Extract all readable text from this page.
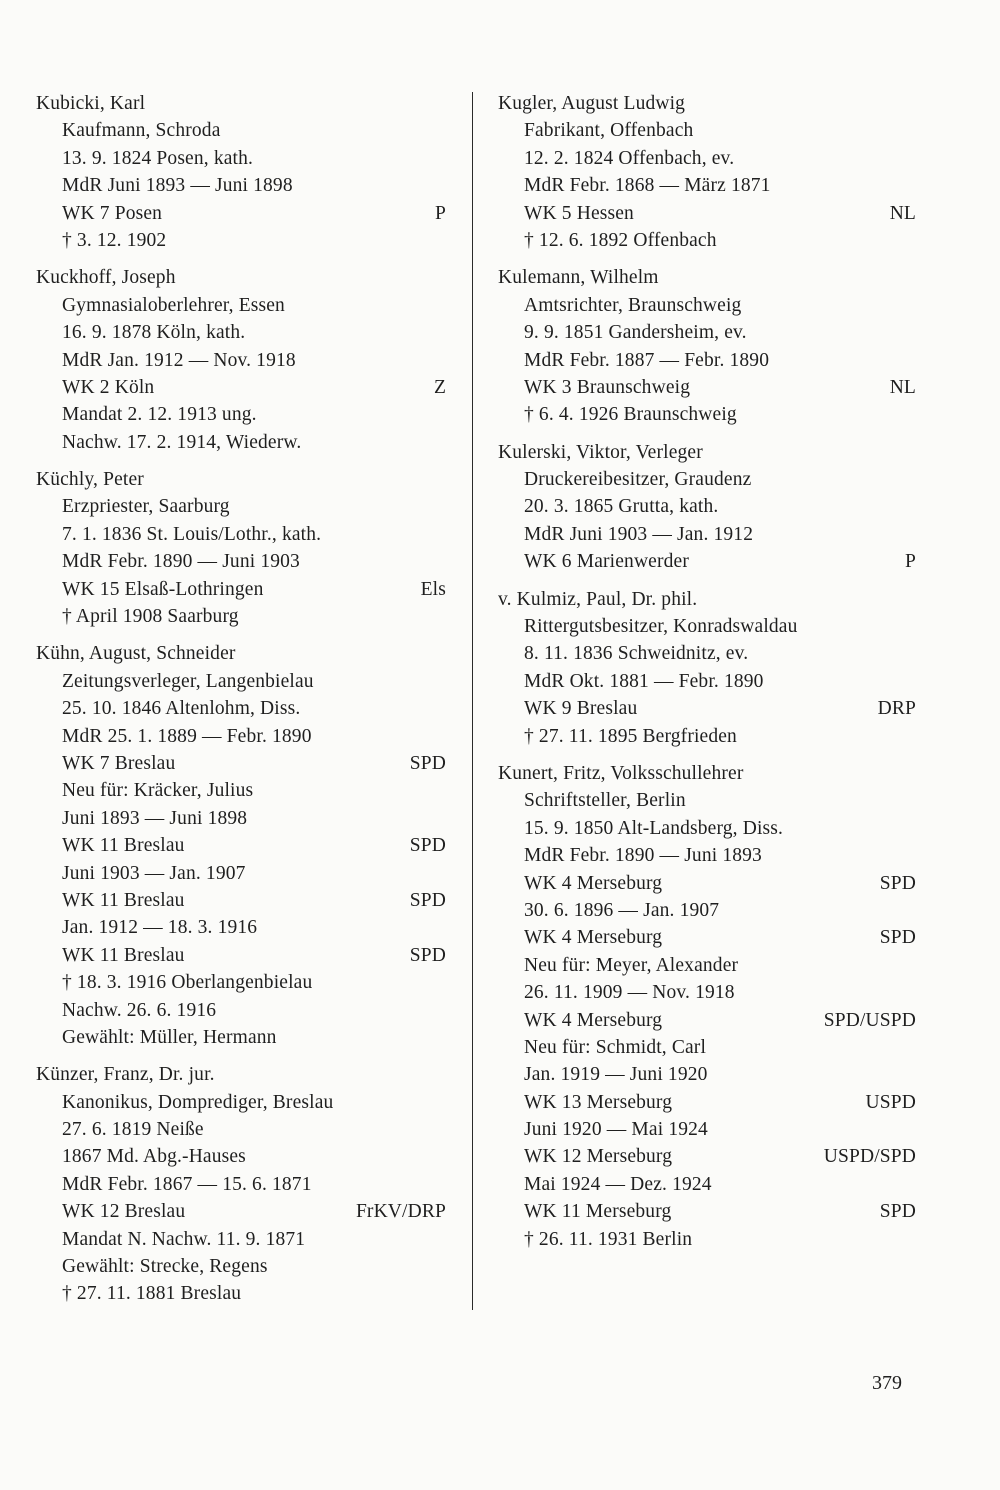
Kubicki, Karl
Kaufmann, Schroda
13. 9. 1824 Posen, kath.
MdR Juni 1893 — Juni 1898
WK 7 Posen	P
† 3. 12. 1902
Kuckhoff, Joseph
Gymnasialoberlehrer, Essen
16. 9. 1878 Köln, kath.
MdR Jan. 1912 — Nov. 1918
WK 2 Köln	Z
Mandat 2. 12. 1913 ung.
Nachw. 17. 2. 1914, Wiederw.
Küchly, Peter
Erzpriester, Saarburg
7. 1. 1836 St. Louis/Lothr., kath.
MdR Febr. 1890 — Juni 1903
WK 15 Elsaß-Lothringen	Els
† April 1908 Saarburg
Kühn, August, Schneider
Zeitungsverleger, Langenbielau
25. 10. 1846 Altenlohm, Diss.
MdR 25. 1. 1889 — Febr. 1890
WK 7 Breslau	SPD
Neu für: Kräcker, Julius
Juni 1893 — Juni 1898
WK 11 Breslau	SPD
Juni 1903 — Jan. 1907
WK 11 Breslau	SPD
Jan. 1912 — 18. 3. 1916
WK 11 Breslau	SPD
† 18. 3. 1916 Oberlangenbielau
Nachw. 26. 6. 1916
Gewählt: Müller, Hermann
Künzer, Franz, Dr. jur.
Kanonikus, Domprediger, Breslau
27. 6. 1819 Neiße
1867 Md. Abg.-Hauses
MdR Febr. 1867 — 15. 6. 1871
WK 12 Breslau	FrKV/DRP
Mandat N. Nachw. 11. 9. 1871
Gewählt: Strecke, Regens
† 27. 11. 1881 Breslau
Kugler, August Ludwig
Fabrikant, Offenbach
12. 2. 1824 Offenbach, ev.
MdR Febr. 1868 — März 1871
WK 5 Hessen	NL
† 12. 6. 1892 Offenbach
Kulemann, Wilhelm
Amtsrichter, Braunschweig
9. 9. 1851 Gandersheim, ev.
MdR Febr. 1887 — Febr. 1890
WK 3 Braunschweig	NL
† 6. 4. 1926 Braunschweig
Kulerski, Viktor, Verleger
Druckereibesitzer, Graudenz
20. 3. 1865 Grutta, kath.
MdR Juni 1903 — Jan. 1912
WK 6 Marienwerder	P
v. Kulmiz, Paul, Dr. phil.
Rittergutsbesitzer, Konradswaldau
8. 11. 1836 Schweidnitz, ev.
MdR Okt. 1881 — Febr. 1890
WK 9 Breslau	DRP
† 27. 11. 1895 Bergfrieden
Kunert, Fritz, Volksschullehrer
Schriftsteller, Berlin
15. 9. 1850 Alt-Landsberg, Diss.
MdR Febr. 1890 — Juni 1893
WK 4 Merseburg	SPD
30. 6. 1896 — Jan. 1907
WK 4 Merseburg	SPD
Neu für: Meyer, Alexander
26. 11. 1909 — Nov. 1918
WK 4 Merseburg	SPD/USPD
Neu für: Schmidt, Carl
Jan. 1919 — Juni 1920
WK 13 Merseburg	USPD
Juni 1920 — Mai 1924
WK 12 Merseburg	USPD/SPD
Mai 1924 — Dez. 1924
WK 11 Merseburg	SPD
† 26. 11. 1931 Berlin
379
